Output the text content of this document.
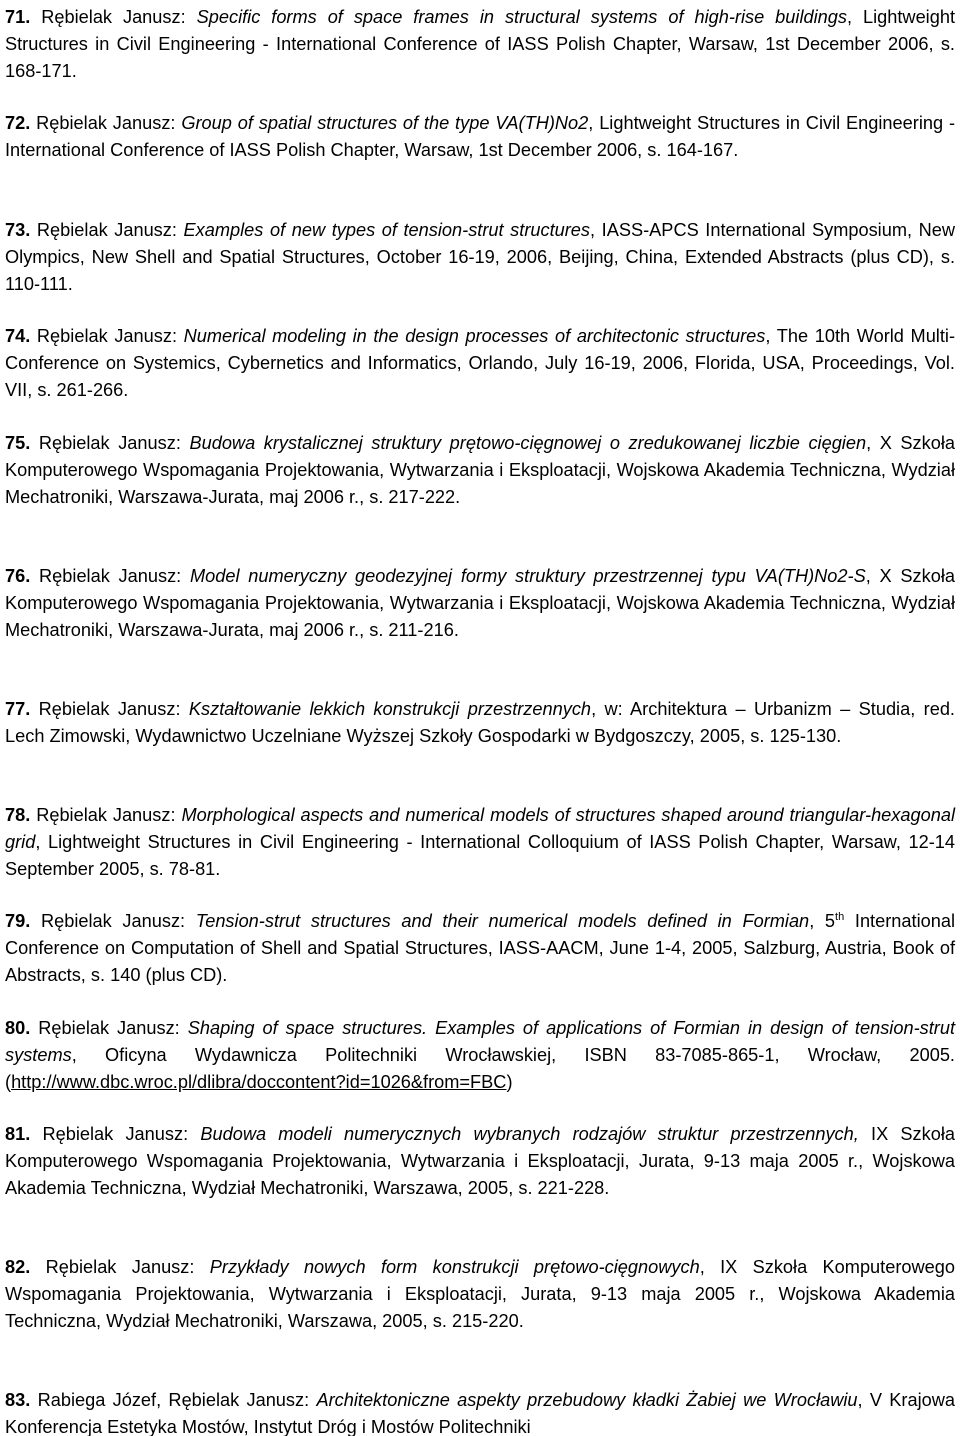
71. Rębielak Janusz: Specific forms of space frames in structural systems of high-rise buildings, Lightweight Structures in Civil Engineering - International Conference of IASS Polish Chapter, Warsaw, 1st December 2006, s. 168-171.

72. Rębielak Janusz: Group of spatial structures of the type VA(TH)No2, Lightweight Structures in Civil Engineering - International Conference of IASS Polish Chapter, Warsaw, 1st December 2006, s. 164-167.

73. Rębielak Janusz: Examples of new types of tension-strut structures, IASS-APCS International Symposium, New Olympics, New Shell and Spatial Structures, October 16-19, 2006, Beijing, China, Extended Abstracts (plus CD), s. 110-111.

74. Rębielak Janusz: Numerical modeling in the design processes of architectonic structures, The 10th World Multi-Conference on Systemics, Cybernetics and Informatics, Orlando, July 16-19, 2006, Florida, USA, Proceedings, Vol. VII, s. 261-266.

75. Rębielak Janusz: Budowa krystalicznej struktury prętowo-cięgnowej o zredukowanej liczbie cięgien, X Szkoła Komputerowego Wspomagania Projektowania, Wytwarzania i Eksploatacji, Wojskowa Akademia Techniczna, Wydział Mechatroniki, Warszawa-Jurata, maj 2006 r., s. 217-222.

76. Rębielak Janusz: Model numeryczny geodezyjnej formy struktury przestrzennej typu VA(TH)No2-S, X Szkoła Komputerowego Wspomagania Projektowania, Wytwarzania i Eksploatacji, Wojskowa Akademia Techniczna, Wydział Mechatroniki, Warszawa-Jurata, maj 2006 r., s. 211-216.

77. Rębielak Janusz: Kształtowanie lekkich konstrukcji przestrzennych, w: Architektura – Urbanizm – Studia, red. Lech Zimowski, Wydawnictwo Uczelniane Wyższej Szkoły Gospodarki w Bydgoszczy, 2005, s. 125-130.

78. Rębielak Janusz: Morphological aspects and numerical models of structures shaped around triangular-hexagonal grid, Lightweight Structures in Civil Engineering - International Colloquium of IASS Polish Chapter, Warsaw, 12-14 September 2005, s. 78-81.

79. Rębielak Janusz: Tension-strut structures and their numerical models defined in Formian, 5th International Conference on Computation of Shell and Spatial Structures, IASS-AACM, June 1-4, 2005, Salzburg, Austria, Book of Abstracts, s. 140 (plus CD).

80. Rębielak Janusz: Shaping of space structures. Examples of applications of Formian in design of tension-strut systems, Oficyna Wydawnicza Politechniki Wrocławskiej, ISBN 83-7085-865-1, Wrocław, 2005. (http://www.dbc.wroc.pl/dlibra/doccontent?id=1026&from=FBC)

81. Rębielak Janusz: Budowa modeli numerycznych wybranych rodzajów struktur przestrzennych, IX Szkoła Komputerowego Wspomagania Projektowania, Wytwarzania i Eksploatacji, Jurata, 9-13 maja 2005 r., Wojskowa Akademia Techniczna, Wydział Mechatroniki, Warszawa, 2005, s. 221-228.

82. Rębielak Janusz: Przykłady nowych form konstrukcji prętowo-cięgnowych, IX Szkoła Komputerowego Wspomagania Projektowania, Wytwarzania i Eksploatacji, Jurata, 9-13 maja 2005 r., Wojskowa Akademia Techniczna, Wydział Mechatroniki, Warszawa, 2005, s. 215-220.

83. Rabiega Józef, Rębielak Janusz: Architektoniczne aspekty przebudowy kładki Żabiej we Wrocławiu, V Krajowa Konferencja Estetyka Mostów, Instytut Dróg i Mostów Politechniki
